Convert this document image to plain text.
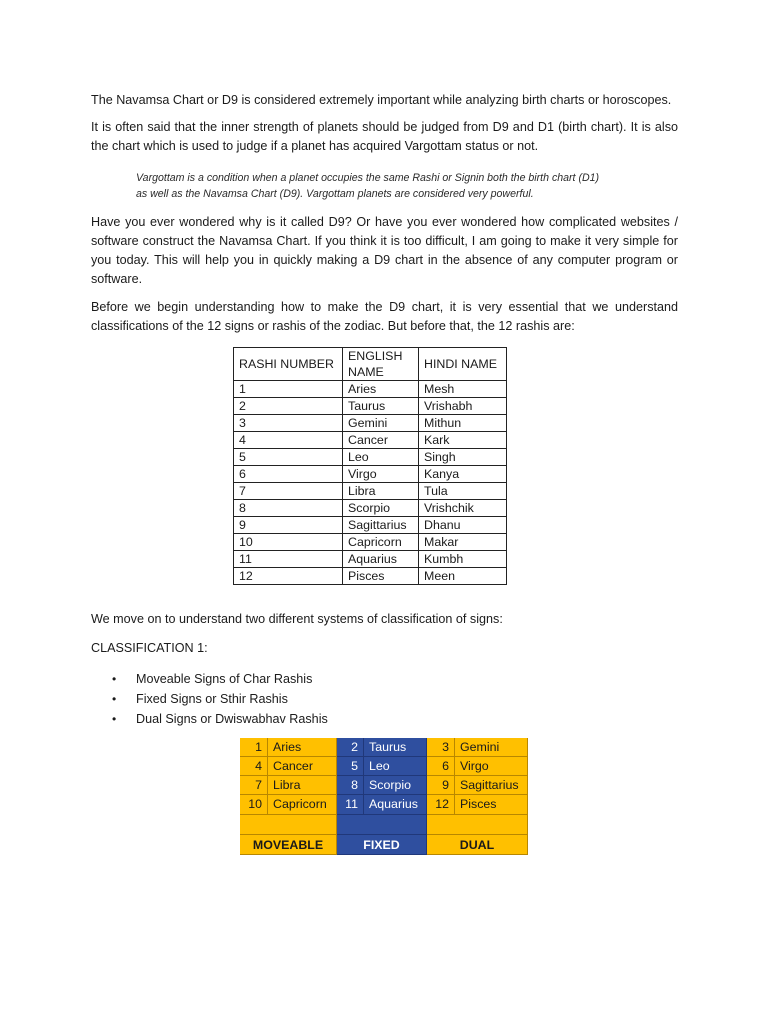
The Navamsa Chart or D9 is considered extremely important while analyzing birth charts or horoscopes.

It is often said that the inner strength of planets should be judged from D9 and D1 (birth chart). It is also the chart which is used to judge if a planet has acquired Vargottam status or not.

Vargottam is a condition when a planet occupies the same Rashi or Signin both the birth chart (D1)

as well as the Navamsa Chart (D9). Vargottam planets are considered very powerful.

Have you ever wondered why is it called D9? Or have you ever wondered how complicated websites / software construct the Navamsa Chart. If you think it is too difficult, I am going to make it very simple for you today. This will help you in quickly making a D9 chart in the absence of any computer program or software.

Before we begin understanding how to make the D9 chart, it is very essential that we understand classifications of the 12 signs or rashis of the zodiac. But before that, the 12 rashis are:

RASHI NUMBER	ENGLISH NAME	HINDI NAME
1	Aries	Mesh
2	Taurus	Vrishabh
3	Gemini	Mithun
4	Cancer	Kark
5	Leo	Singh
6	Virgo	Kanya
7	Libra	Tula
8	Scorpio	Vrishchik
9	Sagittarius	Dhanu
10	Capricorn	Makar
11	Aquarius	Kumbh
12	Pisces	Meen

We move on to understand two different systems of classification of signs:

CLASSIFICATION 1:

• Moveable Signs of Char Rashis
• Fixed Signs or Sthir Rashis
• Dual Signs or Dwiswabhav Rashis
1 Aries	2 Taurus	3 Gemini
4 Cancer	5 Leo	6 Virgo
7 Libra	8 Scorpio	9 Sagittarius
10 Capricorn	11 Aquarius	12 Pisces
MOVEABLE	FIXED	DUAL
